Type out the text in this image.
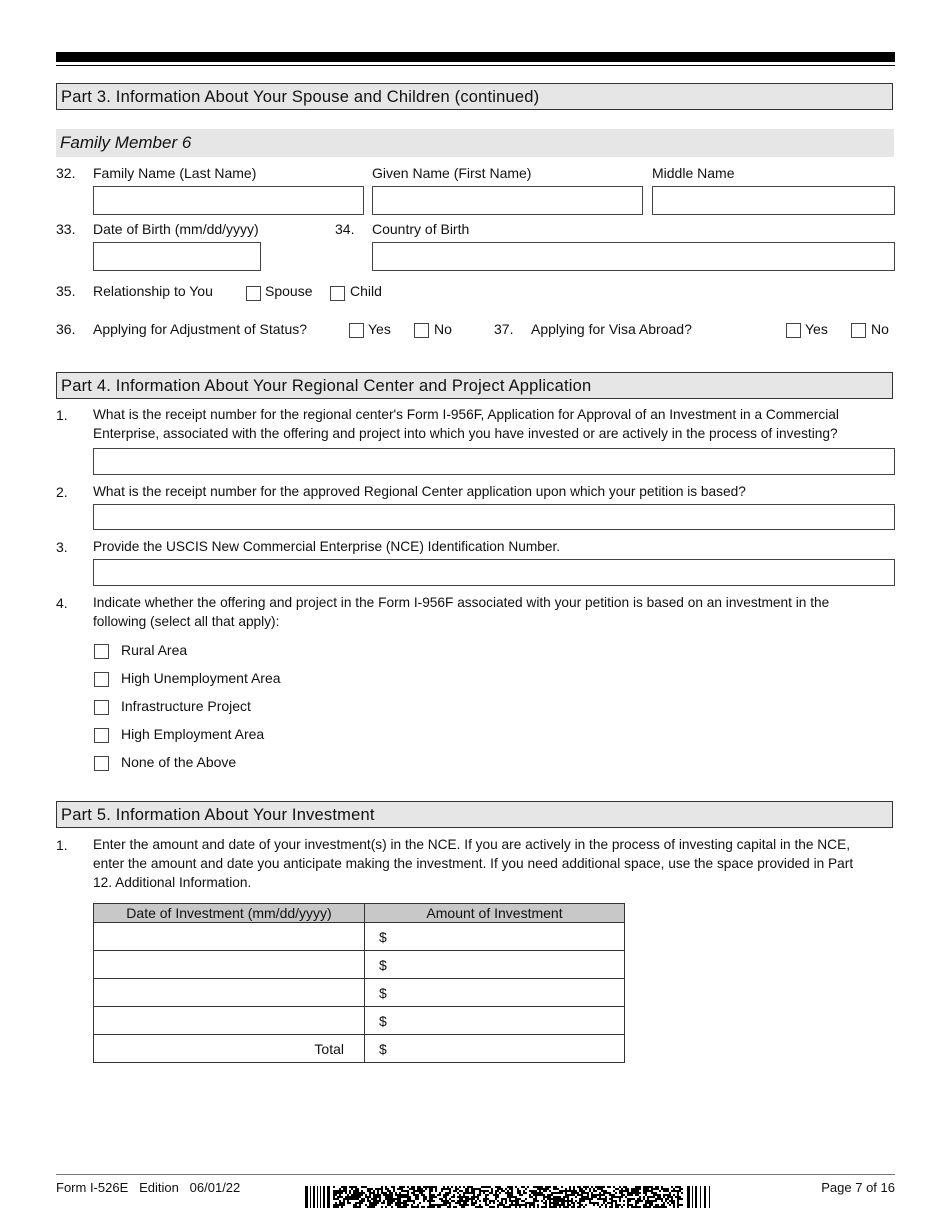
Part 3. Information About Your Spouse and Children (continued)
Family Member 6
32. Family Name (Last Name)	Given Name (First Name)	Middle Name
33. Date of Birth (mm/dd/yyyy)	34. Country of Birth
35. Relationship to You	Spouse	Child
36. Applying for Adjustment of Status?	Yes	No	37. Applying for Visa Abroad?	Yes	No
Part 4. Information About Your Regional Center and Project Application
1. What is the receipt number for the regional center's Form I-956F, Application for Approval of an Investment in a Commercial
Enterprise, associated with the offering and project into which you have invested or are actively in the process of investing?
2. What is the receipt number for the approved Regional Center application upon which your petition is based?
3. Provide the USCIS New Commercial Enterprise (NCE) Identification Number.
4. Indicate whether the offering and project in the Form I-956F associated with your petition is based on an investment in the
following (select all that apply):
Rural Area
High Unemployment Area
Infrastructure Project
High Employment Area
None of the Above
Part 5. Information About Your Investment
1. Enter the amount and date of your investment(s) in the NCE. If you are actively in the process of investing capital in the NCE,
enter the amount and date you anticipate making the investment. If you need additional space, use the space provided in Part
12. Additional Information.
Date of Investment (mm/dd/yyyy)	Amount of Investment
	$
	$
	$
	$
Total	$
Form I-526E   Edition   06/01/22	Page 7 of 16
